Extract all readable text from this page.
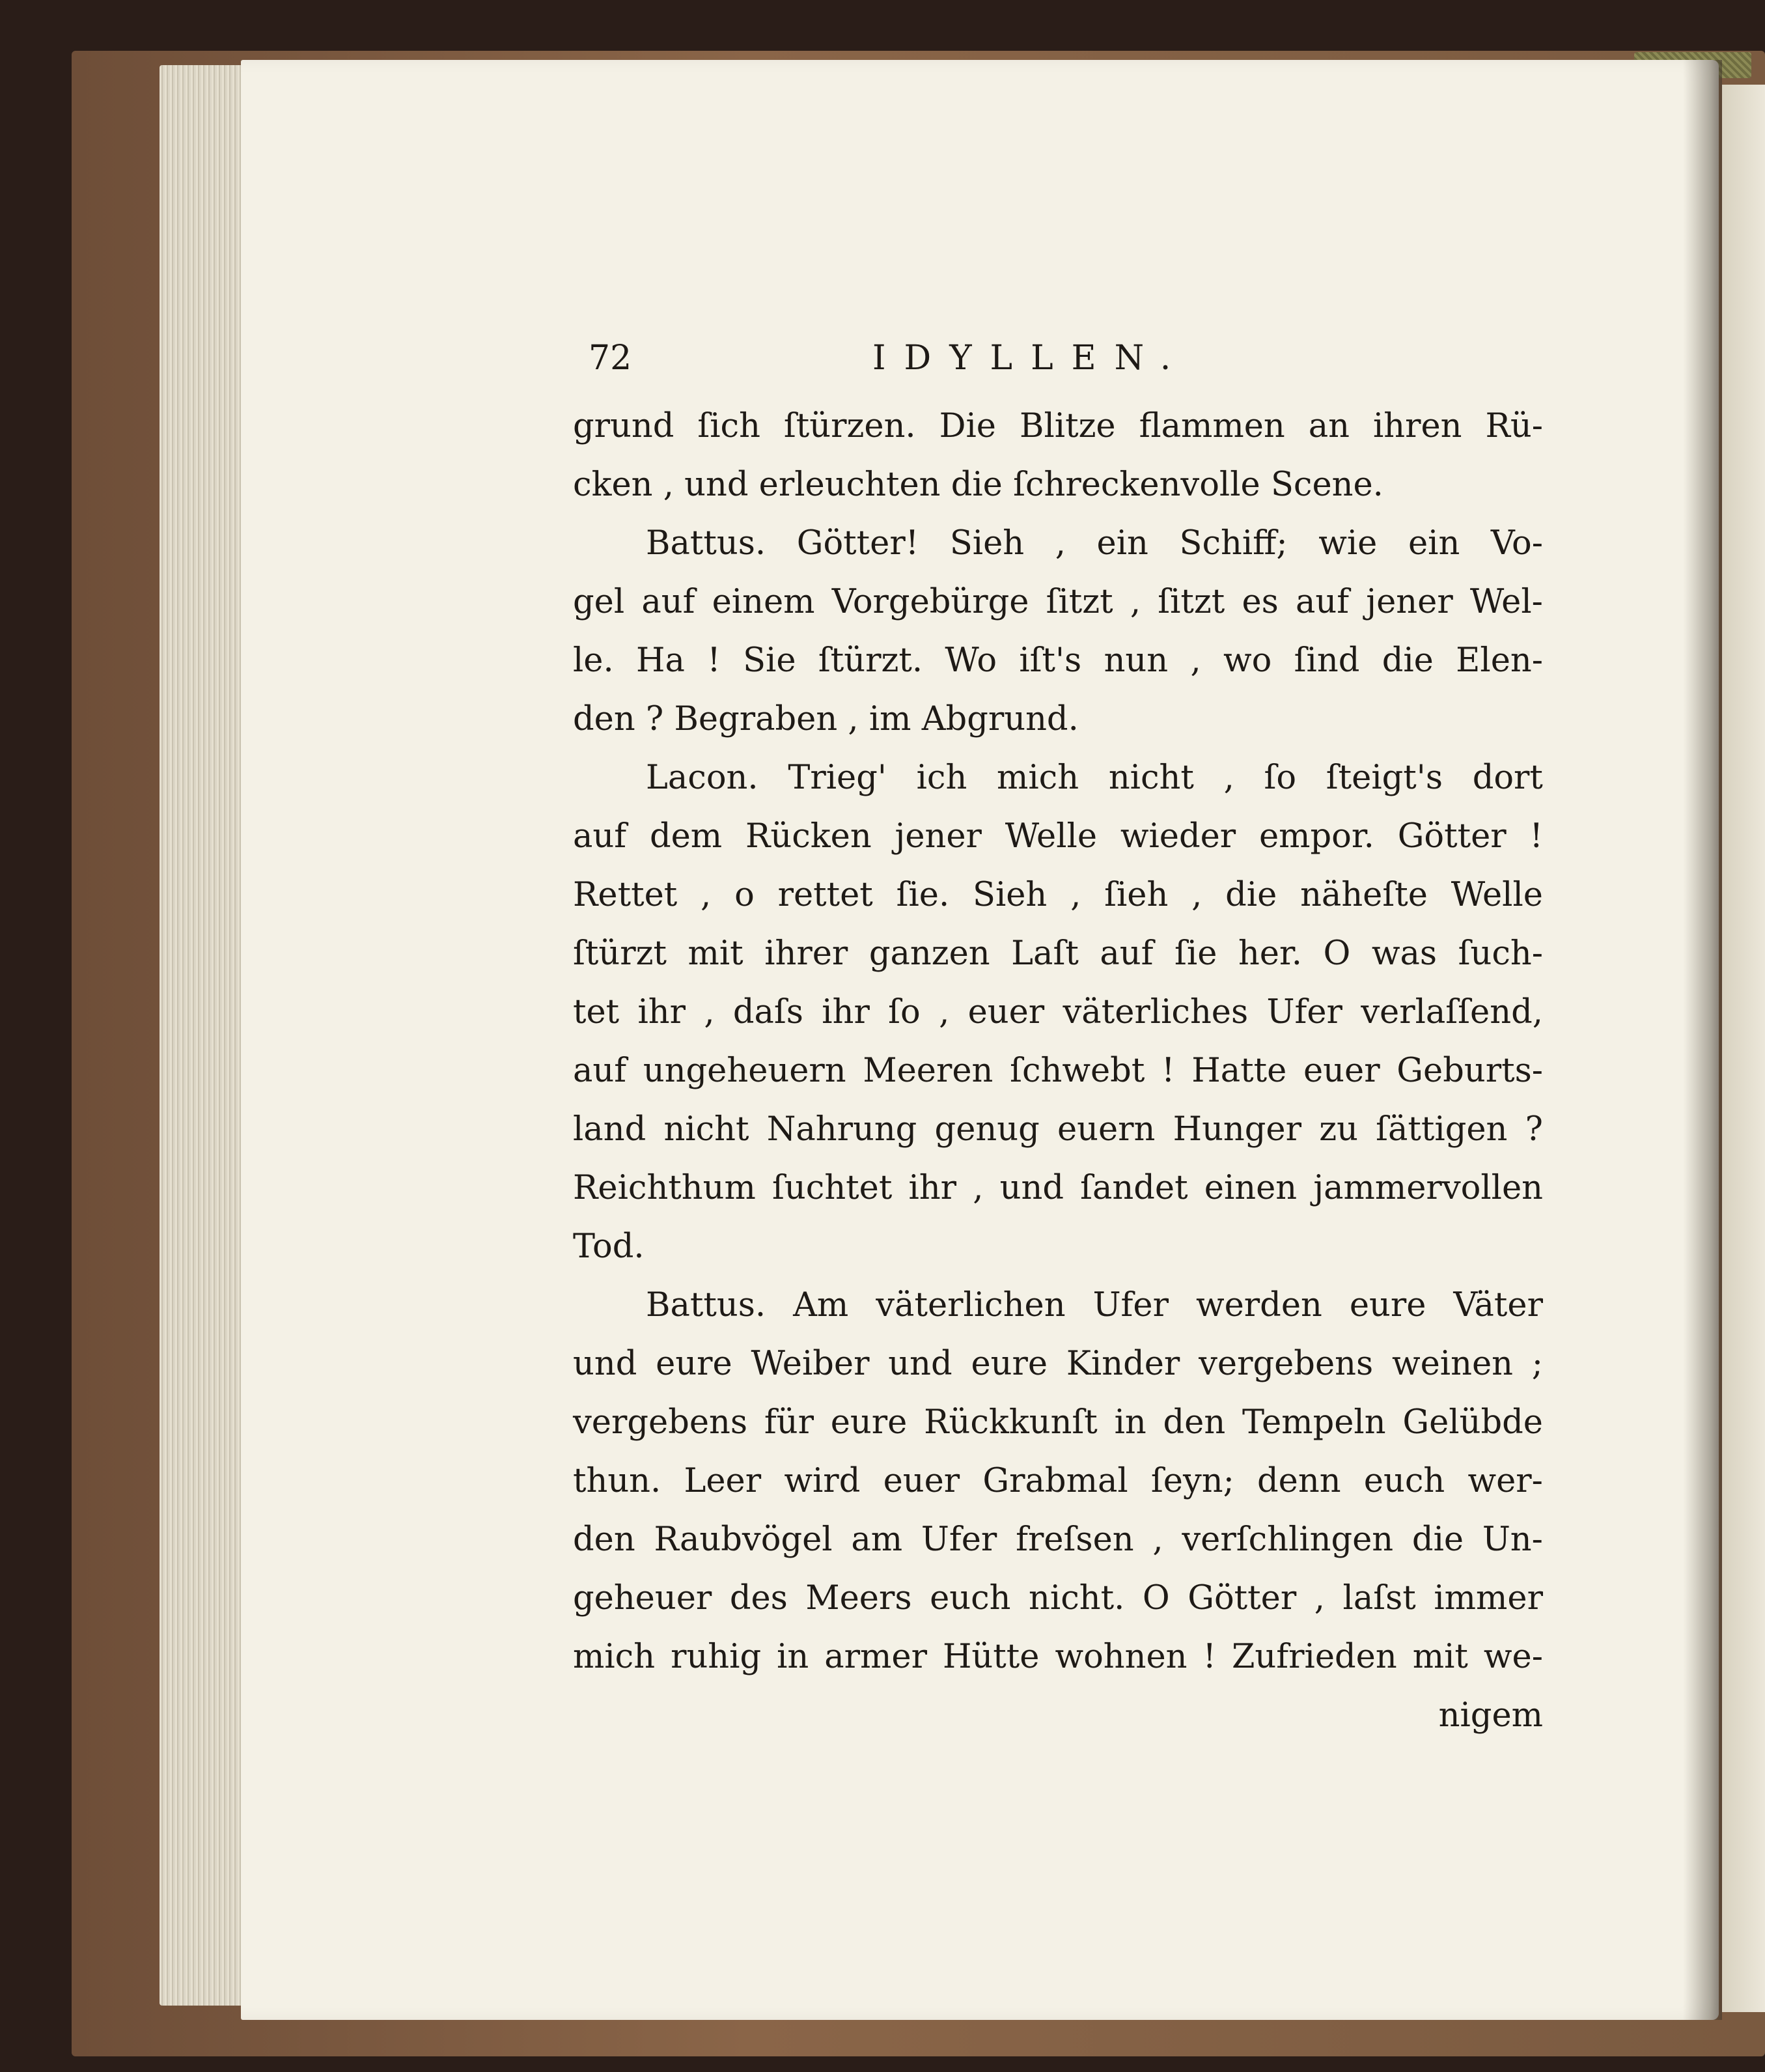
72	IDYLLEN.
grund ſich ſtürzen. Die Blitze flammen an ihren Rü-
cken , und erleuchten die ſchreckenvolle Scene.
Battus. Götter! Sieh , ein Schiff; wie ein Vo-
gel auf einem Vorgebürge ſitzt , ſitzt es auf jener Wel-
le. Ha ! Sie ſtürzt. Wo iſt's nun , wo ſind die Elen-
den ? Begraben , im Abgrund.
Lacon. Trieg' ich mich nicht , ſo ſteigt's dort
auf dem Rücken jener Welle wieder empor. Götter !
Rettet , o rettet ſie. Sieh , ſieh , die näheſte Welle
ſtürzt mit ihrer ganzen Laſt auf ſie her. O was ſuch-
tet ihr , daſs ihr ſo , euer väterliches Ufer verlaſſend,
auf ungeheuern Meeren ſchwebt ! Hatte euer Geburts-
land nicht Nahrung genug euern Hunger zu ſättigen ?
Reichthum ſuchtet ihr , und ſandet einen jammervollen
Tod.
Battus. Am väterlichen Ufer werden eure Väter
und eure Weiber und eure Kinder vergebens weinen ;
vergebens für eure Rückkunſt in den Tempeln Gelübde
thun. Leer wird euer Grabmal ſeyn; denn euch wer-
den Raubvögel am Ufer freſsen , verſchlingen die Un-
geheuer des Meers euch nicht. O Götter , laſst immer
mich ruhig in armer Hütte wohnen ! Zufrieden mit we-
nigem
